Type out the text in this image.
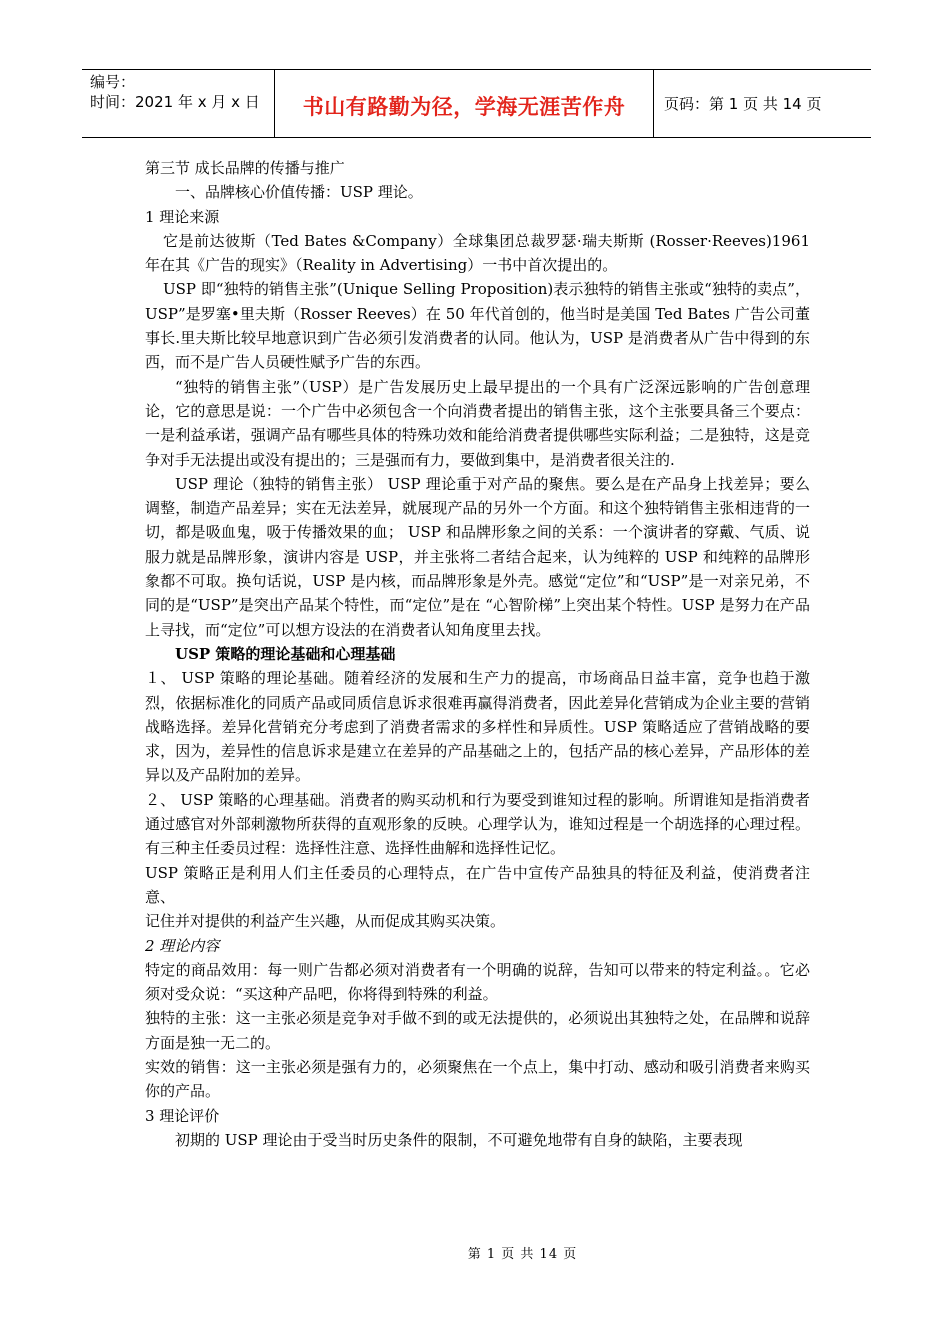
编号：
时间：2021 年 x 月 x 日	书山有路勤为径，学海无涯苦作舟	页码：第 1 页 共 14 页

第三节 成长品牌的传播与推广

一、品牌核心价值传播：USP 理论。

1 理论来源

它是前达彼斯（Ted Bates &Company）全球集团总裁罗瑟·瑞夫斯斯 (Rosser·Reeves)1961 年在其《广告的现实》（Reality in Advertising）一书中首次提出的。

USP 即“独特的销售主张”(Unique Selling Proposition)表示独特的销售主张或“独特的卖点”，USP”是罗塞•里夫斯（Rosser Reeves）在 50 年代首创的，他当时是美国 Ted Bates 广告公司董事长.里夫斯比较早地意识到广告必须引发消费者的认同。他认为，USP 是消费者从广告中得到的东西，而不是广告人员硬性赋予广告的东西。

“独特的销售主张”（USP）是广告发展历史上最早提出的一个具有广泛深远影响的广告创意理论，它的意思是说：一个广告中必须包含一个向消费者提出的销售主张，这个主张要具备三个要点：一是利益承诺，强调产品有哪些具体的特殊功效和能给消费者提供哪些实际利益；二是独特，这是竞争对手无法提出或没有提出的；三是强而有力，要做到集中，是消费者很关注的.

USP 理论（独特的销售主张） USP 理论重于对产品的聚焦。要么是在产品身上找差异；要么调整，制造产品差异；实在无法差异，就展现产品的另外一个方面。和这个独特销售主张相违背的一切，都是吸血鬼，吸于传播效果的血； USP 和品牌形象之间的关系：一个演讲者的穿戴、气质、说服力就是品牌形象，演讲内容是 USP，并主张将二者结合起来，认为纯粹的 USP 和纯粹的品牌形象都不可取。换句话说，USP 是内核，而品牌形象是外壳。感觉“定位”和“USP”是一对亲兄弟，不同的是“USP”是突出产品某个特性，而“定位”是在 “心智阶梯”上突出某个特性。USP 是努力在产品上寻找，而“定位”可以想方设法的在消费者认知角度里去找。

USP 策略的理论基础和心理基础

１、 USP 策略的理论基础。随着经济的发展和生产力的提高，市场商品日益丰富，竞争也趋于激烈，依据标准化的同质产品或同质信息诉求很难再赢得消费者，因此差异化营销成为企业主要的营销战略选择。差异化营销充分考虑到了消费者需求的多样性和异质性。USP 策略适应了营销战略的要求，因为，差异性的信息诉求是建立在差异的产品基础之上的，包括产品的核心差异，产品形体的差异以及产品附加的差异。

２、 USP 策略的心理基础。消费者的购买动机和行为要受到谁知过程的影响。所谓谁知是指消费者通过感官对外部刺激物所获得的直观形象的反映。心理学认为，谁知过程是一个胡选择的心理过程。有三种主任委员过程：选择性注意、选择性曲解和选择性记忆。

USP 策略正是利用人们主任委员的心理特点，在广告中宣传产品独具的特征及利益，使消费者注意、

记住并对提供的利益产生兴趣，从而促成其购买决策。

2 理论内容

特定的商品效用：每一则广告都必须对消费者有一个明确的说辞，告知可以带来的特定利益。。它必须对受众说：“买这种产品吧，你将得到特殊的利益。

独特的主张：这一主张必须是竞争对手做不到的或无法提供的，必须说出其独特之处，在品牌和说辞方面是独一无二的。

实效的销售：这一主张必须是强有力的，必须聚焦在一个点上，集中打动、感动和吸引消费者来购买你的产品。

3 理论评价

初期的 USP 理论由于受当时历史条件的限制，不可避免地带有自身的缺陷，主要表现

第 1 页 共 14 页
